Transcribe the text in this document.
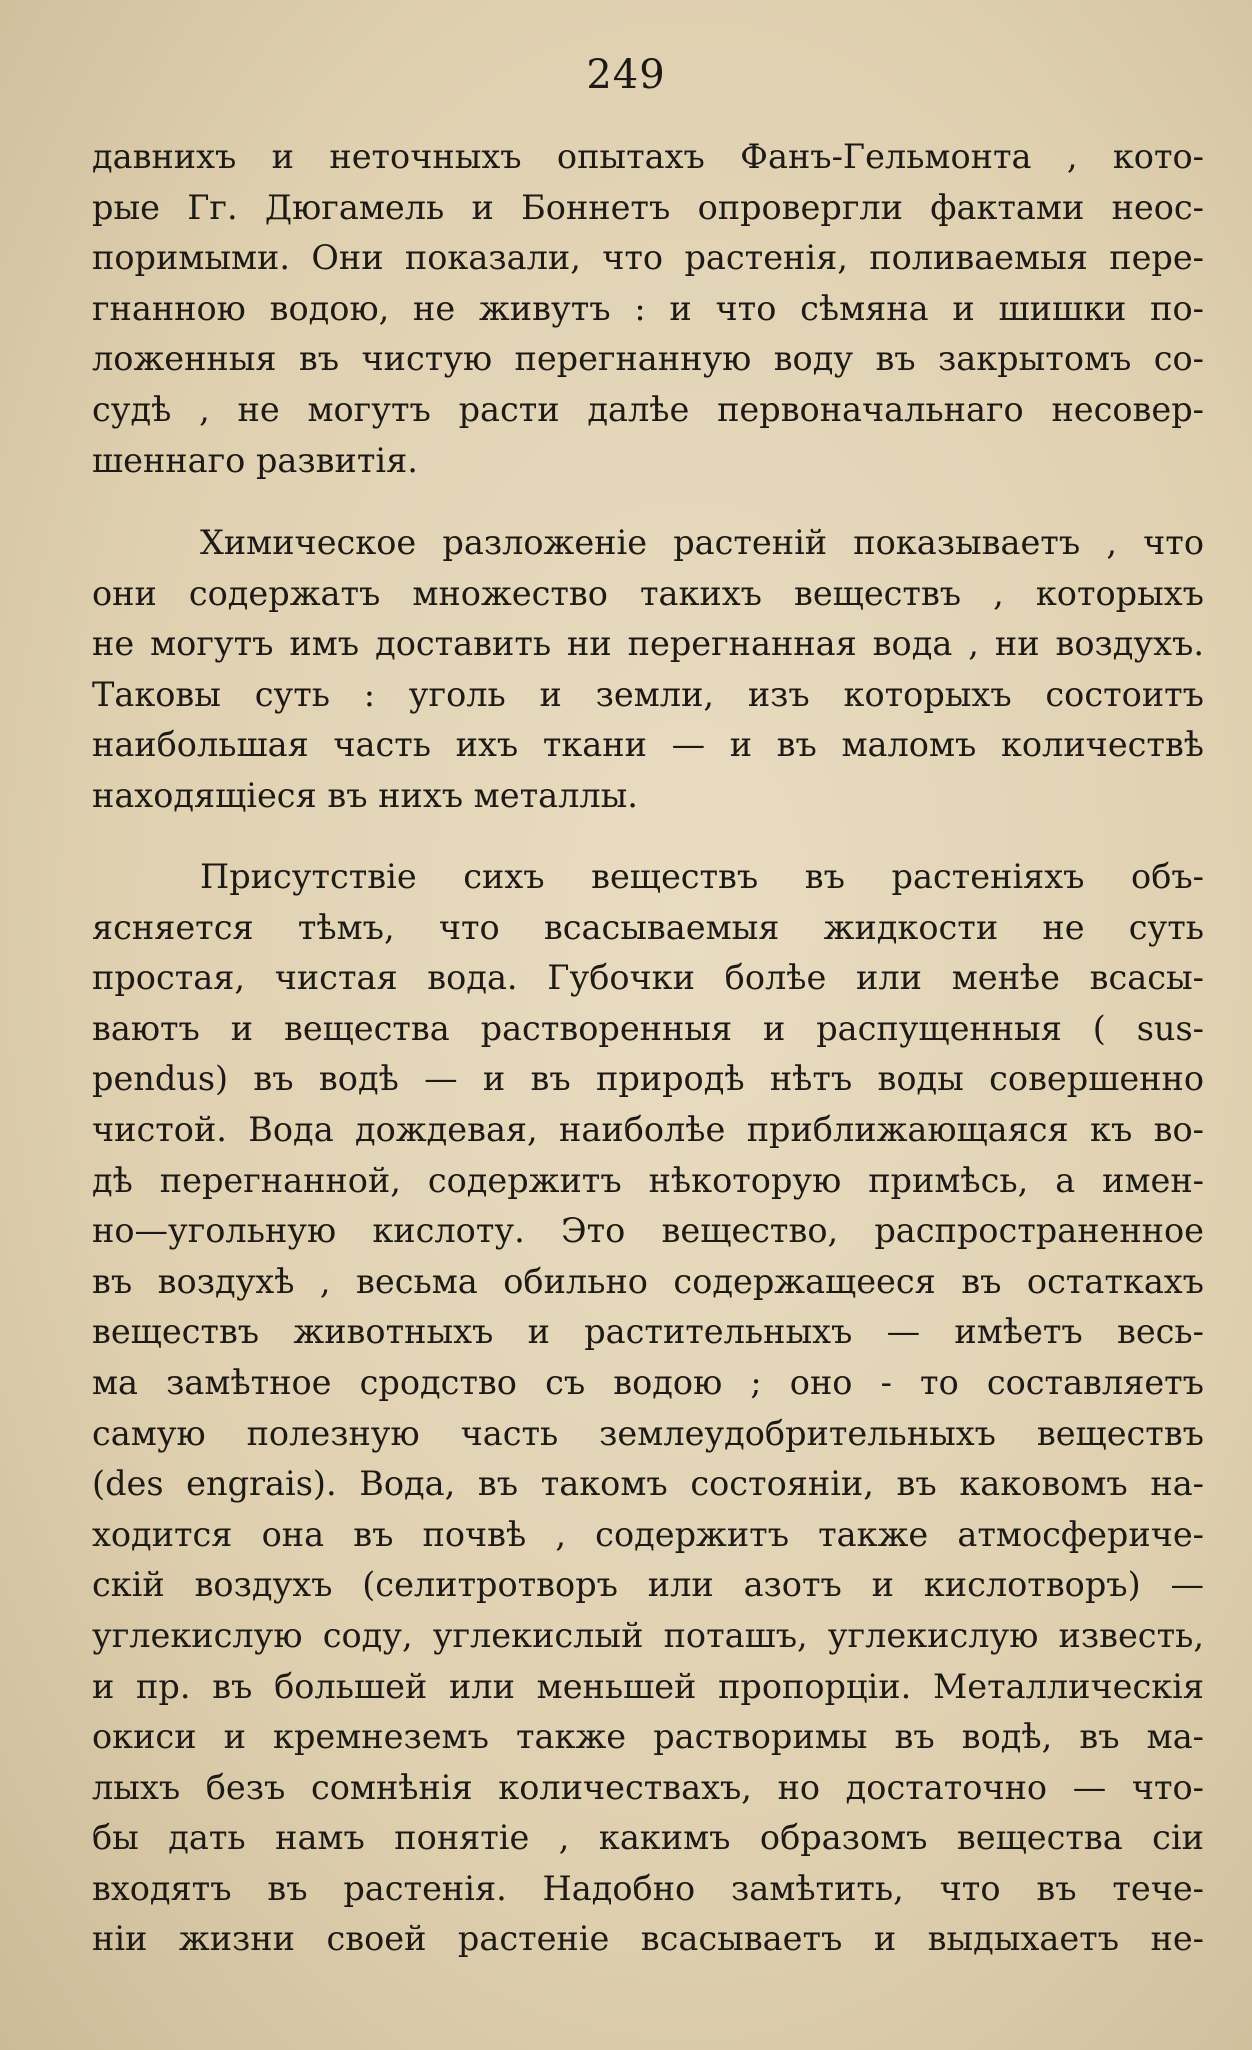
249
давнихъ и неточныхъ опытахъ Фанъ-Гельмонта , кото-
рые Гг. Дюгамель и Боннетъ опровергли фактами неос-
поримыми. Они показали, что растенія, поливаемыя пере-
гнанною водою, не живутъ : и что сѣмяна и шишки по-
ложенныя въ чистую перегнанную воду въ закрытомъ со-
судѣ , не могутъ расти далѣе первоначальнаго несовер-
шеннаго развитія.
Химическое разложеніе растеній показываетъ , что
они содержатъ множество такихъ веществъ , которыхъ
не могутъ имъ доставить ни перегнанная вода , ни воздухъ.
Таковы суть : уголь и земли, изъ которыхъ состоитъ
наибольшая часть ихъ ткани — и въ маломъ количествѣ
находящіеся въ нихъ металлы.
Присутствіе сихъ веществъ въ растеніяхъ объ-
ясняется тѣмъ, что всасываемыя жидкости не суть
простая, чистая вода. Губочки болѣе или менѣе всасы-
ваютъ и вещества растворенныя и распущенныя ( sus-
pendus) въ водѣ — и въ природѣ нѣтъ воды совершенно
чистой. Вода дождевая, наиболѣе приближающаяся къ во-
дѣ перегнанной, содержитъ нѣкоторую примѣсь, а имен-
но—угольную кислоту. Это вещество, распространенное
въ воздухѣ , весьма обильно содержащееся въ остаткахъ
веществъ животныхъ и растительныхъ — имѣетъ весь-
ма замѣтное сродство съ водою ; оно - то составляетъ
самую полезную часть землеудобрительныхъ веществъ
(des engrais). Вода, въ такомъ состояніи, въ каковомъ на-
ходится она въ почвѣ , содержитъ также атмосфериче-
скій воздухъ (селитротворъ или азотъ и кислотворъ) —
углекислую соду, углекислый поташъ, углекислую известь,
и пр. въ большей или меньшей пропорціи. Металлическія
окиси и кремнеземъ также растворимы въ водѣ, въ ма-
лыхъ безъ сомнѣнія количествахъ, но достаточно — что-
бы дать намъ понятіе , какимъ образомъ вещества сіи
входятъ въ растенія. Надобно замѣтить, что въ тече-
ніи жизни своей растеніе всасываетъ и выдыхаетъ не-
